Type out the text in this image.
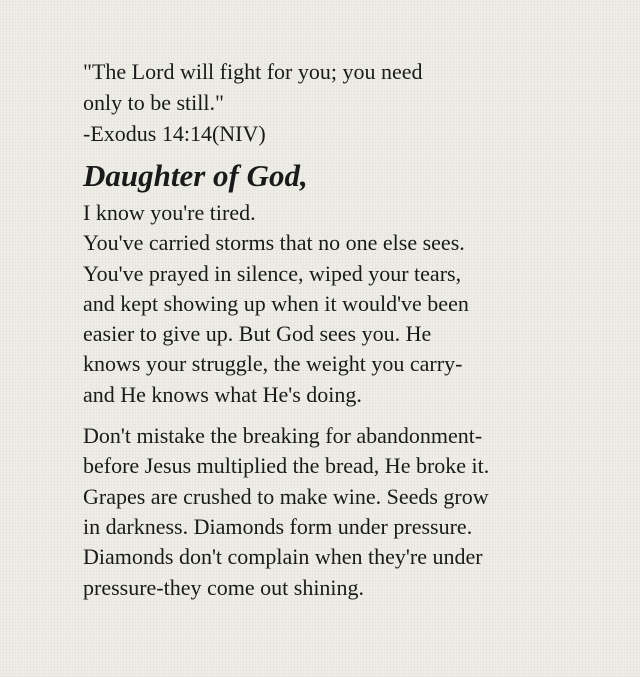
"The Lord will fight for you; you need

only to be still."

-Exodus 14:14(NIV)

Daughter of God,

I know you're tired.

You've carried storms that no one else sees.

You've prayed in silence, wiped your tears,

and kept showing up when it would've been

easier to give up. But God sees you. He

knows your struggle, the weight you carry-

and He knows what He's doing.

Don't mistake the breaking for abandonment-

before Jesus multiplied the bread, He broke it.

Grapes are crushed to make wine. Seeds grow

in darkness. Diamonds form under pressure.

Diamonds don't complain when they're under

pressure-they come out shining.
